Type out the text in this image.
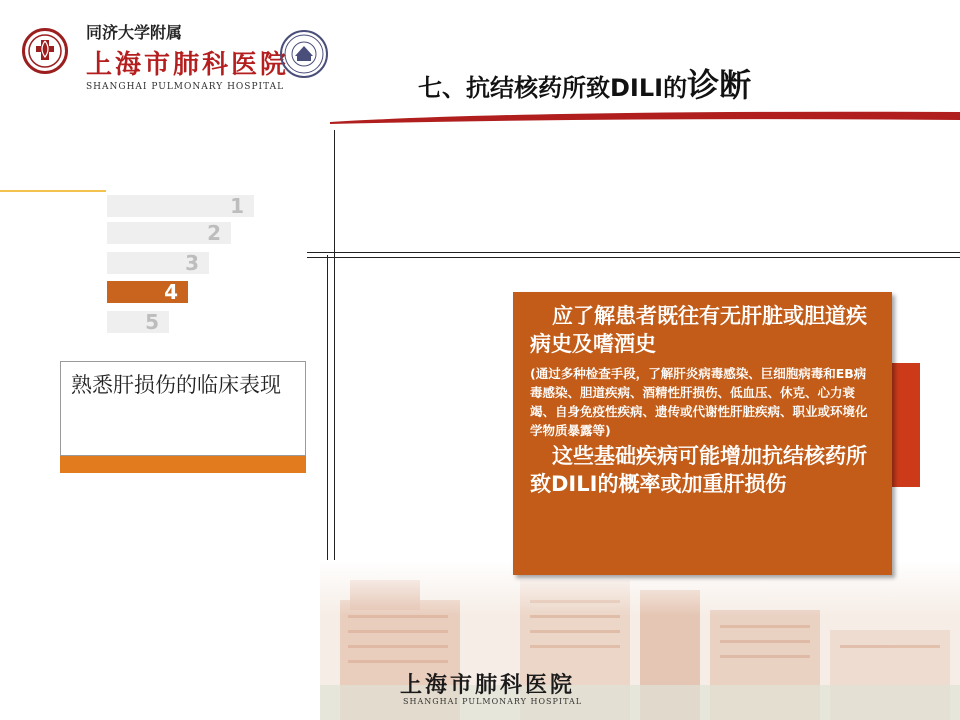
同济大学附属
上海市肺科医院
SHANGHAI PULMONARY HOSPITAL	七、抗结核药所致DILI的诊断
1
2
3
4
5
熟悉肝损伤的临床表现
上海市肺科医院
SHANGHAI PULMONARY HOSPITAL

应了解患者既往有无肝脏或胆道疾病史及嗜酒史

(通过多种检查手段，了解肝炎病毒感染、巨细胞病毒和EB病毒感染、胆道疾病、酒精性肝损伤、低血压、休克、心力衰竭、自身免疫性疾病、遗传或代谢性肝脏疾病、职业或环境化学物质暴露等)

这些基础疾病可能增加抗结核药所致DILI的概率或加重肝损伤
